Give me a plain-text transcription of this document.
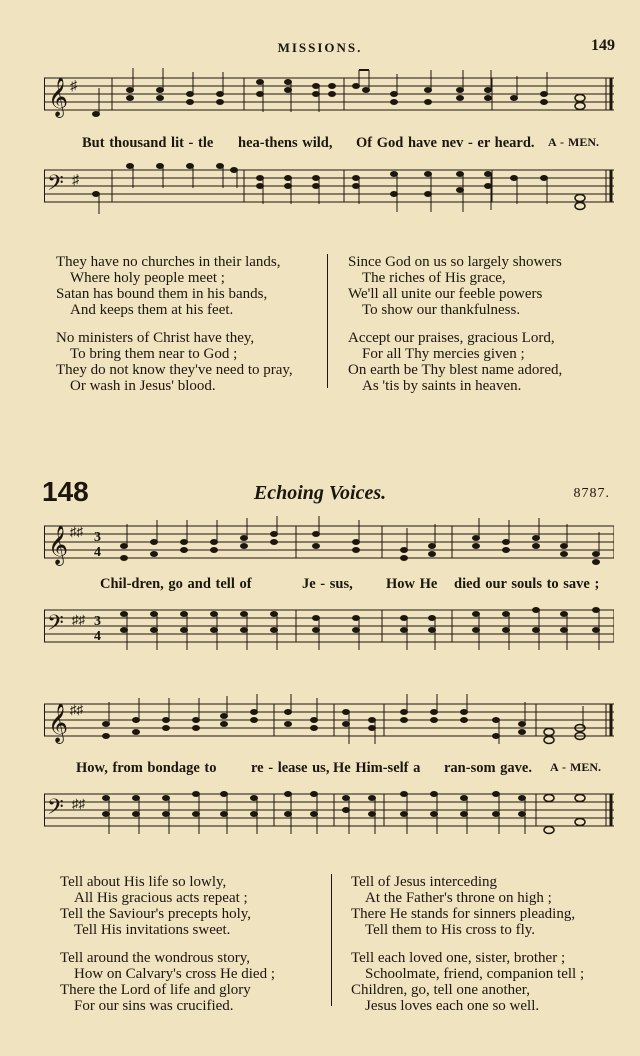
MISSIONS.	149
𝄞 ♯
But thousand lit - tle hea-thens wild, Of God have nev - er heard. A - MEN.
𝄢 ♯
They have no churches in their lands,
Where holy people meet ;
Satan has bound them in his bands,
And keeps them at his feet.
No ministers of Christ have they,
To bring them near to God ;
They do not know they've need to pray,
Or wash in Jesus' blood.
Since God on us so largely showers
The riches of His grace,
We'll all unite our feeble powers
To show our thankfulness.
Accept our praises, gracious Lord,
For all Thy mercies given ;
On earth be Thy blest name adored,
As 'tis by saints in heaven.
148	Echoing Voices.	8787.
𝄞 ♯♯ 3
4
Chil-dren, go and tell of	Je - sus, How He died our souls to save ;
𝄢 ♯♯ 3
4
𝄞 ♯♯
How, from bondage to re - lease us, He Him-self a ran-som gave. A - MEN.
𝄢 ♯♯
Tell about His life so lowly,
All His gracious acts repeat ;
Tell the Saviour's precepts holy,
Tell His invitations sweet.
Tell around the wondrous story,
How on Calvary's cross He died ;
There the Lord of life and glory
For our sins was crucified.
Tell of Jesus interceding
At the Father's throne on high ;
There He stands for sinners pleading,
Tell them to His cross to fly.
Tell each loved one, sister, brother ;
Schoolmate, friend, companion tell ;
Children, go, tell one another,
Jesus loves each one so well.
